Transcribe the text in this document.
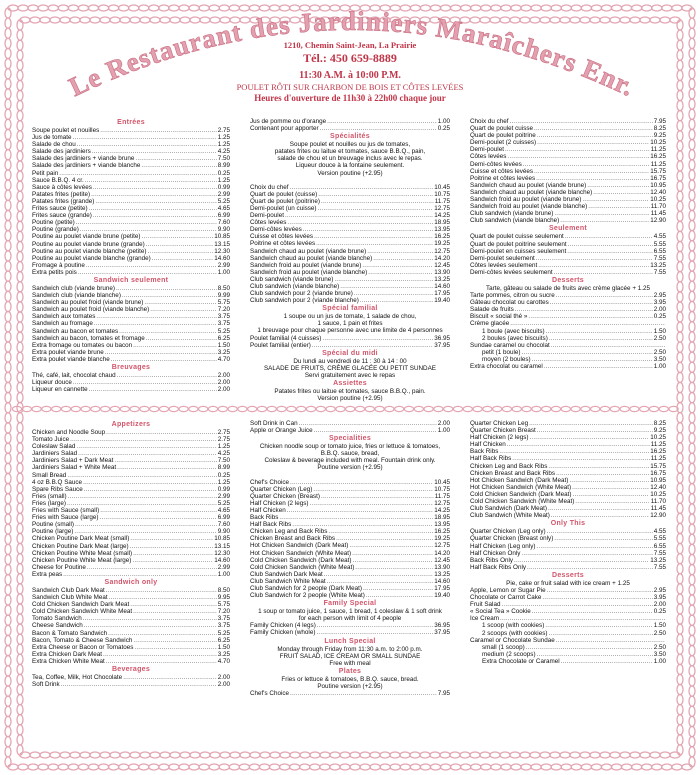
Le Restaurant des Jardiniers Maraîchers Enr.
1210, Chemin Saint-Jean, La Prairie
Tél.: 450 659-8889
11:30 A.M. à 10:00 P.M.
POULET RÔTI SUR CHARBON DE BOIS ET CÔTES LEVÉES
Heures d'ouverture de 11h30 à 22h00 chaque jour
Entrées
Soupe poulet et nouilles .....	2.75
Jus de tomate .....	1.25
Salade de chou .....	1.25
Salade des jardiniers .....	4.25
Salade des jardiniers + viande brune .....	7.50
Salade des jardiniers + viande blanche .....	8.99
Petit pain .....	0.25
Sauce B.B.Q. 4 cr. .....	1.25
Sauce à côtes levées .....	0.99
Patates frites (petite) .....	2.99
Patates frites (grande) .....	5.25
Frites sauce (petite) .....	4.65
Frites sauce (grande) .....	6.99
Poutine (petite) .....	7.60
Poutine (grande) .....	9.90
Poutine au poulet viande brune (petite) .....	10.85
Poutine au poulet viande brune (grande) .....	13.15
Poutine au poulet viande blanche (petite) .....	12.30
Poutine au poulet viande blanche (grande) .....	14.60
Fromage à poutine .....	2.99
Extra petits pois .....	1.00
Sandwich seulement
Sandwich club (viande brune) .....	8.50
Sandwich club (viande blanche) .....	9.99
Sandwich au poulet froid (viande brune) .....	5.75
Sandwich au poulet froid (viande blanche) .....	7.20
Sandwich aux tomates .....	3.75
Sandwich au fromage .....	3.75
Sandwich au bacon et tomates .....	5.25
Sandwich au bacon, tomates et fromage .....	6.25
Extra fromage ou tomates ou bacon .....	1.50
Extra poulet viande brune .....	3.25
Extra poulet viande blanche .....	4.70
Breuvages
Thé, café, lait, chocolat chaud .....	2.00
Liqueur douce .....	2.00
Liqueur en cannette .....	2.00
Jus de pomme ou d'orange .....	1.00
Contenant pour apporter .....	0.25
Spécialités
Soupe poulet et nouilles ou jus de tomates,
patates frites ou laitue et tomates, sauce B.B.Q., pain,
salade de chou et un breuvage inclus avec le repas.
Liqueur douce à la fontaine seulement.
Version poutine (+2.95)
Choix du chef .....	10.45
Quart de poulet (cuisse) .....	10.75
Quart de poulet (poitrine) .....	11.75
Demi-poulet (un cuisse) .....	12.75
Demi-poulet .....	14.25
Côtes levées .....	18.95
Demi-côtes levées .....	13.95
Cuisse et côtes levées .....	16.25
Poitrine et côtes levées .....	19.25
Sandwich chaud au poulet (viande brune) .....	12.75
Sandwich chaud au poulet (viande blanche) .....	14.20
Sandwich froid au poulet (viande brune) .....	12.45
Sandwich froid au poulet (viande blanche) .....	13.90
Club sandwich (viande brune) .....	13.25
Club sandwich (viande blanche) .....	14.60
Club sandwich pour 2 (viande brune) .....	17.95
Club sandwich pour 2 (viande blanche) .....	19.40
Spécial familial
1 soupe ou un jus de tomate, 1 salade de chou,
1 sauce, 1 pain et frites
1 breuvage pour chaque personne avec une limite de 4 personnes
Poulet familial (4 cuisses) .....	36.95
Poulet familial (entier) .....	37.95
Spécial du midi
Du lundi au vendredi de 11 : 30 à 14 : 00
SALADE DE FRUITS, CRÈME GLACÉE OU PETIT SUNDAE
Servi gratuitement avec le repas
Assiettes
Patates frites ou laitue et tomates, sauce B.B.Q., pain.
Version poutine (+2.95)
Choix du chef .....	7.95
Quart de poulet cuisse .....	8.25
Quart de poulet poitrine .....	9.25
Demi-poulet (2 cuisses) .....	10.25
Demi-poulet .....	11.25
Côtes levées .....	16.25
Demi-côtes levées .....	11.25
Cuisse et côtes levées .....	15.75
Poitrine et côtes levées .....	16.75
Sandwich chaud au poulet (viande brune) .....	10.95
Sandwich chaud au poulet (viande blanche) .....	12.40
Sandwich froid au poulet (viande brune) .....	10.25
Sandwich froid au poulet (viande blanche) .....	11.70
Club sandwich (viande brune) .....	11.45
Club sandwich (viande blanche) .....	12.90
Seulement
Quart de poulet cuisse seulement .....	4.55
Quart de poulet poitrine seulement .....	5.55
Demi-poulet en cuisses seulement .....	6.55
Demi-poulet seulement .....	7.55
Côtes levées seulement .....	13.25
Demi-côtes levées seulement .....	7.55
Desserts
Tarte, gâteau ou salade de fruits avec crème glacée + 1.25
Tarte pommes, citron ou sucre .....	2.95
Gâteau chocolat ou carottes .....	3.95
Salade de fruits .....	2.00
Biscuit « social thé » .....	0.25
Crème glacée
.....
1 boule (avec biscuits) .....	1.50
2 boules (avec biscuits) .....	2.50
Sundae caramel ou chocolat
.....
petit (1 boule) .....	2.50
moyen (2 boules) .....	3.50
Extra chocolat ou caramel .....	1.00
Appetizers
Chicken and Noodle Soup .....	2.75
Tomato Juice .....	2.75
Coleslaw Salad .....	1.25
Jardiniers Salad .....	4.25
Jardiniers Salad + Dark Meat .....	7.50
Jardiniers Salad + White Meat .....	8.99
Small Bread .....	0.25
4 oz B.B.Q Sauce .....	1.25
Spare Ribs Sauce .....	0.99
Fries (small) .....	2.99
Fries (large) .....	5.25
Fries with Sauce (small) .....	4.65
Fries with Sauce (large) .....	6.99
Poutine (small) .....	7.60
Poutine (large) .....	9.90
Chicken Poutine Dark Meat (small) .....	10.85
Chicken Poutine Dark Meat (large) .....	13.15
Chicken Poutine White Meat (small) .....	12.30
Chicken Poutine White Meat (large) .....	14.60
Cheese for Poutine .....	2.99
Extra peas .....	1.00
Sandwich only
Sandwich Club Dark Meat .....	8.50
Sandwich Club White Meat .....	9.95
Cold Chicken Sandwich Dark Meat .....	5.75
Cold Chicken Sandwich White Meat .....	7.20
Tomato Sandwich .....	3.75
Cheese Sandwich .....	3.75
Bacon & Tomato Sandwich .....	5.25
Bacon, Tomato & Cheese Sandwich .....	6.25
Extra Cheese or Bacon or Tomatoes .....	1.50
Extra Chicken Dark Meat .....	3.25
Extra Chicken White Meat .....	4.70
Beverages
Tea, Coffee, Milk, Hot Chocolate .....	2.00
Soft Drink .....	2.00
Soft Drink in Can .....	2.00
Apple or Orange Juice .....	1.00
Specialities
Chicken noodle soup or tomato juice, fries or lettuce & tomatoes,
B.B.Q. sauce, bread,
Coleslaw & beverage included with meal. Fountain drink only.
Poutine version (+2.95)
Chef's Choice .....	10.45
Quarter Chicken (Leg) .....	10.75
Quarter Chicken (Breast) .....	11.75
Half Chicken (2 legs) .....	12.75
Half Chicken .....	14.25
Back Ribs .....	18.95
Half Back Ribs .....	13.95
Chicken Leg and Back Ribs .....	16.25
Chicken Breast and Back Ribs .....	19.25
Hot Chicken Sandwich (Dark Meat) .....	12.75
Hot Chicken Sandwich (White Meat) .....	14.20
Cold Chicken Sandwich (Dark Meat) .....	12.45
Cold Chicken Sandwich (White Meat) .....	13.90
Club Sandwich Dark Meat .....	13.25
Club Sandwich White Meat .....	14.60
Club Sandwich for 2 people (Dark Meat) .....	17.95
Club Sandwich for 2 people (White Meat) .....	19.40
Family Special
1 soup or tomato juice, 1 sauce, 1 bread, 1 coleslaw & 1 soft drink
for each person with limit of 4 people
Family Chicken (4 legs) .....	36.95
Family Chicken (whole) .....	37.95
Lunch Special
Monday through Friday from 11:30 a.m. to 2:00 p.m.
FRUIT SALAD, ICE CREAM OR SMALL SUNDAE
Free with meal
Plates
Fries or lettuce & tomatoes, B.B.Q. sauce, bread.
Poutine version (+2.95)
Chef's Choice .....	7.95
Quarter Chicken Leg .....	8.25
Quarter Chicken Breast .....	9.25
Half Chicken (2 legs) .....	10.25
Half Chicken .....	11.25
Back Ribs .....	16.25
Half Back Ribs .....	11.25
Chicken Leg and Back Ribs .....	15.75
Chicken Breast and Back Ribs .....	16.75
Hot Chicken Sandwich (Dark Meat) .....	10.95
Hot Chicken Sandwich (White Meat) .....	12.40
Cold Chicken Sandwich (Dark Meat) .....	10.25
Cold Chicken Sandwich (White Meat) .....	11.70
Club Sandwich (Dark Meat) .....	11.45
Club Sandwich (White Meat) .....	12.90
Only This
Quarter Chicken (Leg only) .....	4.55
Quarter Chicken (Breast only) .....	5.55
Half Chicken (Leg only) .....	6.55
Half Chicken Only .....	7.55
Back Ribs Only .....	13.25
Half Back Ribs Only .....	7.55
Desserts
Pie, cake or fruit salad with ice cream + 1.25
Apple, Lemon or Sugar Pie .....	2.95
Chocolate or Carrot Cake .....	3.95
Fruit Salad .....	2.00
« Social Tea » Cookie .....	0.25
Ice Cream
.....
1 scoop (with cookies) .....	1.50
2 scoops (with cookies) .....	2.50
Caramel or Chocolate Sundae
.....
small (1 scoop) .....	2.50
medium (2 scoops) .....	3.50
Extra Chocolate or Caramel .....	1.00
